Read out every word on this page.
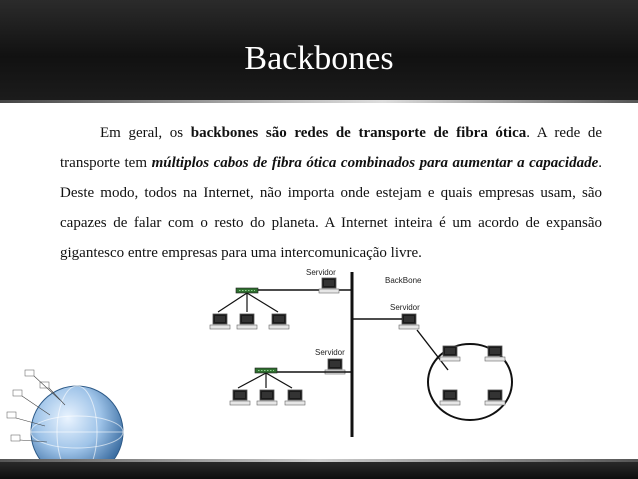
Backbones

Em geral, os backbones são redes de transporte de fibra ótica. A rede de transporte tem múltiplos cabos de fibra ótica combinados para aumentar a capacidade. Deste modo, todos na Internet, não importa onde estejam e quais empresas usam, são capazes de falar com o resto do planeta. A Internet inteira é um acordo de expansão gigantesco entre empresas para uma intercomunicação livre.

BackBone
Servidor
Servidor
Servidor
